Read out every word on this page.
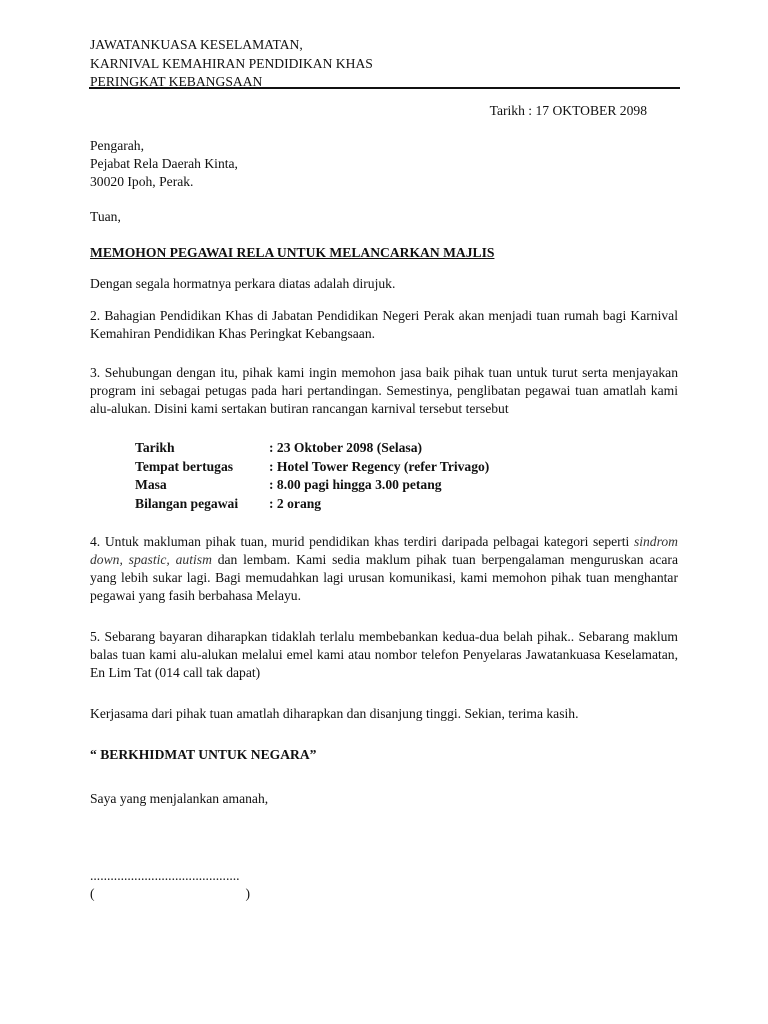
JAWATANKUASA KESELAMATAN,
KARNIVAL KEMAHIRAN PENDIDIKAN KHAS
PERINGKAT KEBANGSAAN
Tarikh : 17 OKTOBER 2098
Pengarah,
Pejabat Rela Daerah Kinta,
30020 Ipoh, Perak.
Tuan,
MEMOHON PEGAWAI RELA UNTUK MELANCARKAN MAJLIS
Dengan segala hormatnya perkara diatas adalah dirujuk.
2. Bahagian Pendidikan Khas di Jabatan Pendidikan Negeri Perak akan menjadi tuan rumah bagi Karnival Kemahiran Pendidikan Khas Peringkat Kebangsaan.
3. Sehubungan dengan itu, pihak kami ingin memohon jasa baik pihak tuan untuk turut serta menjayakan program ini sebagai petugas pada hari pertandingan. Semestinya, penglibatan pegawai tuan amatlah kami alu-alukan. Disini kami sertakan butiran rancangan karnival tersebut tersebut
Tarikh	: 23 Oktober 2098 (Selasa)
Tempat bertugas	: Hotel Tower Regency (refer Trivago)
Masa	: 8.00 pagi hingga 3.00 petang
Bilangan pegawai	: 2 orang
4. Untuk makluman pihak tuan, murid pendidikan khas terdiri daripada pelbagai kategori seperti sindrom down, spastic, autism dan lembam. Kami sedia maklum pihak tuan berpengalaman menguruskan acara yang lebih sukar lagi. Bagi memudahkan lagi urusan komunikasi, kami memohon pihak tuan menghantar pegawai yang fasih berbahasa Melayu.
5. Sebarang bayaran diharapkan tidaklah terlalu membebankan kedua-dua belah pihak.. Sebarang maklum balas tuan kami alu-alukan melalui emel kami atau nombor telefon Penyelaras Jawatankuasa Keselamatan, En Lim Tat (014 call tak dapat)
Kerjasama dari pihak tuan amatlah diharapkan dan disanjung tinggi. Sekian, terima kasih.
“ BERKHIDMAT UNTUK NEGARA”
Saya yang menjalankan amanah,
............................................
(	)
